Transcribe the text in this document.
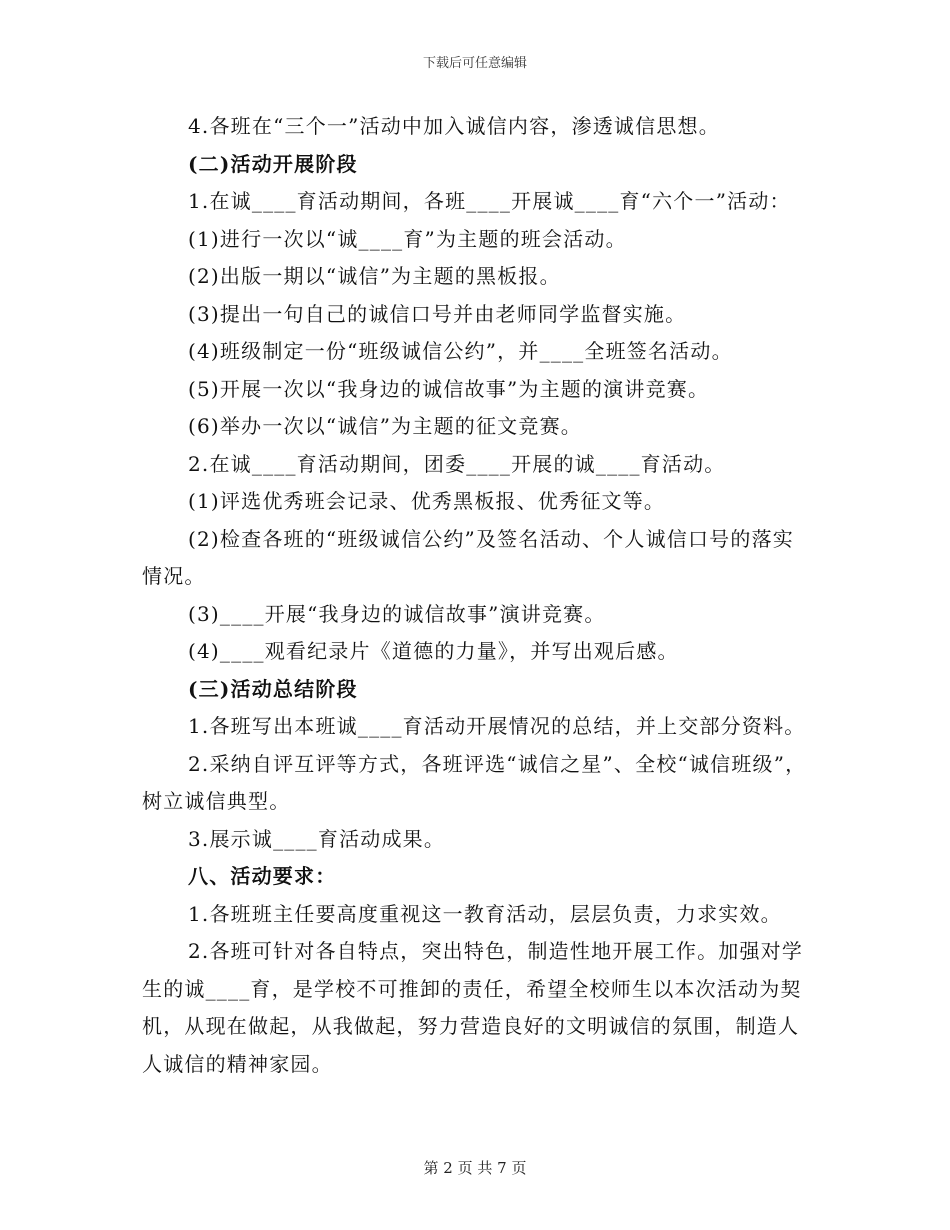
下载后可任意编辑

4.各班在“三个一”活动中加入诚信内容，渗透诚信思想。

(二)活动开展阶段

1.在诚____育活动期间，各班____开展诚____育“六个一”活动：

(1)进行一次以“诚____育”为主题的班会活动。

(2)出版一期以“诚信”为主题的黑板报。

(3)提出一句自己的诚信口号并由老师同学监督实施。

(4)班级制定一份“班级诚信公约”，并____全班签名活动。

(5)开展一次以“我身边的诚信故事”为主题的演讲竞赛。

(6)举办一次以“诚信”为主题的征文竞赛。

2.在诚____育活动期间，团委____开展的诚____育活动。

(1)评选优秀班会记录、优秀黑板报、优秀征文等。

(2)检查各班的“班级诚信公约”及签名活动、个人诚信口号的落实情况。

(3)____开展“我身边的诚信故事”演讲竞赛。

(4)____观看纪录片《道德的力量》，并写出观后感。

(三)活动总结阶段

1.各班写出本班诚____育活动开展情况的总结，并上交部分资料。

2.采纳自评互评等方式，各班评选“诚信之星”、全校“诚信班级”，树立诚信典型。

3.展示诚____育活动成果。

八、活动要求：

1.各班班主任要高度重视这一教育活动，层层负责，力求实效。

2.各班可针对各自特点，突出特色，制造性地开展工作。加强对学生的诚____育，是学校不可推卸的责任，希望全校师生以本次活动为契机，从现在做起，从我做起，努力营造良好的文明诚信的氛围，制造人人诚信的精神家园。

第 2 页 共 7 页
